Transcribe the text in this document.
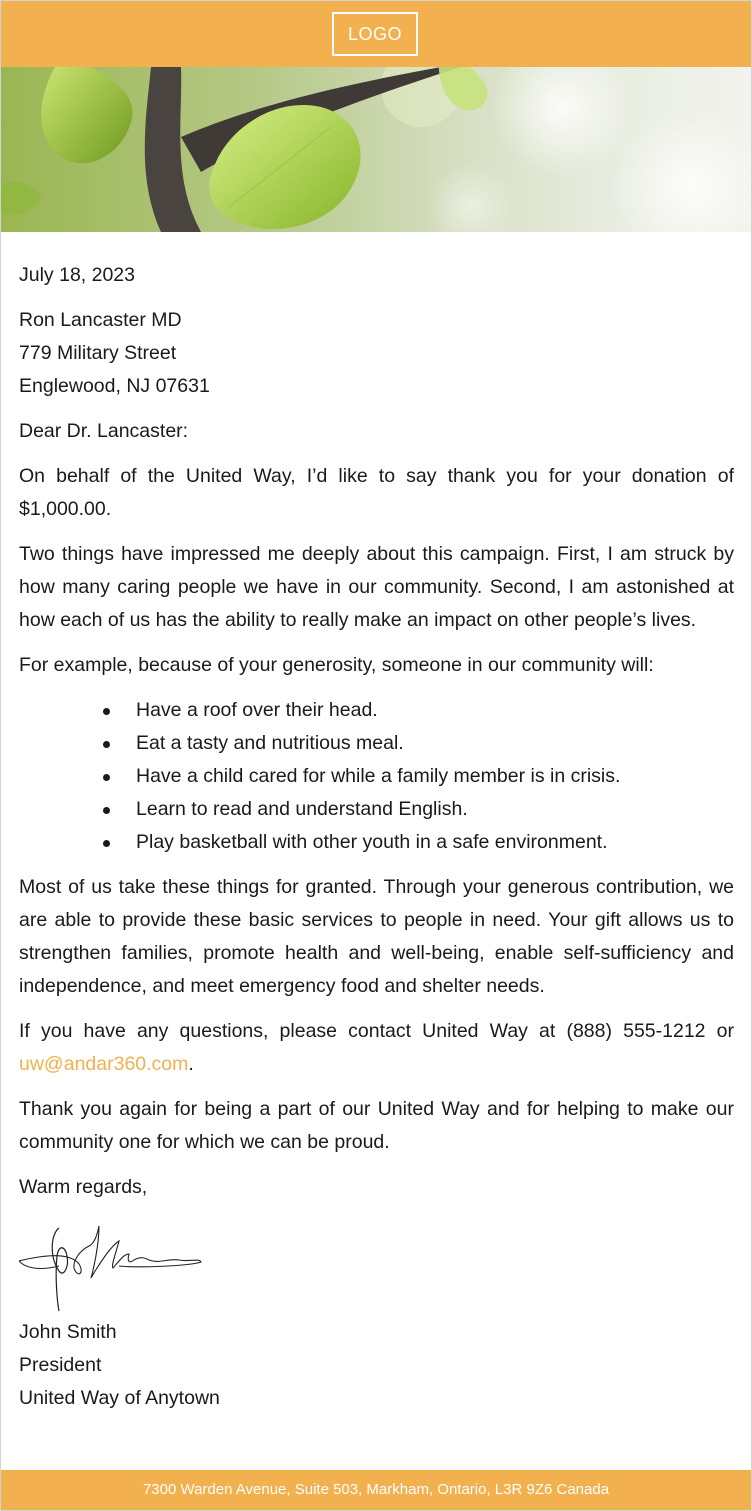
LOGO

July 18, 2023

Ron Lancaster MD
779 Military Street
Englewood, NJ 07631

Dear Dr. Lancaster:

On behalf of the United Way, I’d like to say thank you for your donation of $1,000.00.

Two things have impressed me deeply about this campaign. First, I am struck by how many caring people we have in our community. Second, I am astonished at how each of us has the ability to really make an impact on other people’s lives.

For example, because of your generosity, someone in our community will:

Have a roof over their head.
Eat a tasty and nutritious meal.
Have a child cared for while a family member is in crisis.
Learn to read and understand English.
Play basketball with other youth in a safe environment.

Most of us take these things for granted. Through your generous contribution, we are able to provide these basic services to people in need. Your gift allows us to strengthen families, promote health and well-being, enable self-sufficiency and independence, and meet emergency food and shelter needs.

If you have any questions, please contact United Way at (888) 555-1212 or uw@andar360.com.

Thank you again for being a part of our United Way and for helping to make our community one for which we can be proud.

Warm regards,

John Smith
President
United Way of Anytown
7300 Warden Avenue, Suite 503, Markham, Ontario, L3R 9Z6 Canada
